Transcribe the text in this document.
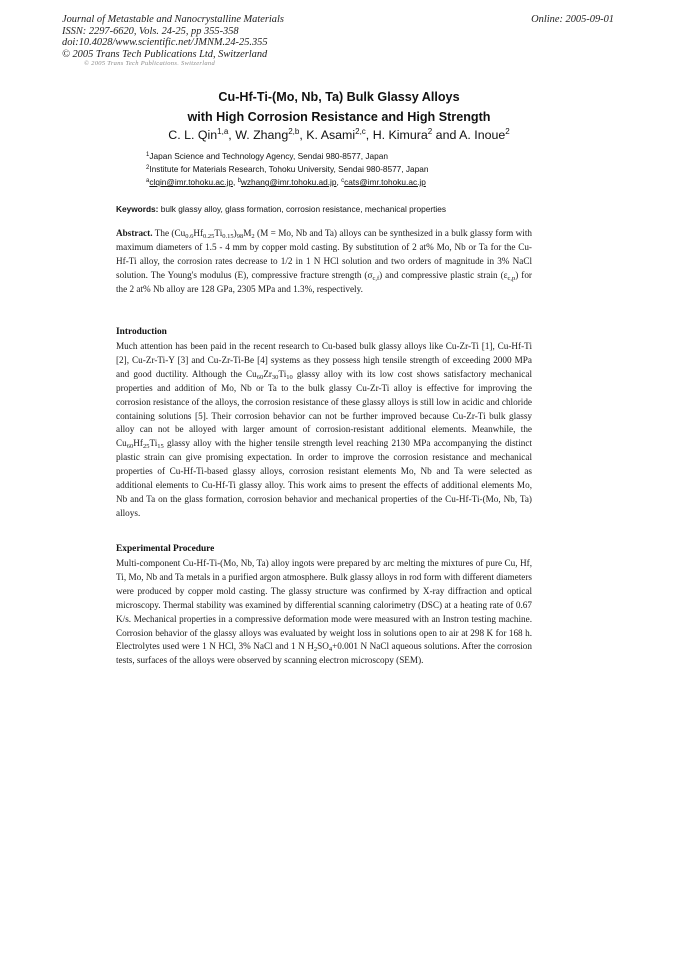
Journal of Metastable and Nanocrystalline Materials
ISSN: 2297-6620, Vols. 24-25, pp 355-358
doi:10.4028/www.scientific.net/JMNM.24-25.355
© 2005 Trans Tech Publications Ltd, Switzerland
© 2005 Trans Tech Publications, Switzerland
Online: 2005-09-01
Cu-Hf-Ti-(Mo, Nb, Ta) Bulk Glassy Alloys
with High Corrosion Resistance and High Strength
C. L. Qin$^{1,a}$, W. Zhang$^{2,b}$, K. Asami$^{2,c}$, H. Kimura$^2$ and A. Inoue$^2$
$^1$Japan Science and Technology Agency, Sendai 980-8577, Japan
$^2$Institute for Materials Research, Tohoku University, Sendai 980-8577, Japan
$^a$clqin@imr.tohoku.ac.jp, $^b$wzhang@imr.tohoku.ad.jp, $^c$cats@imr.tohoku.ac.jp
Keywords: bulk glassy alloy, glass formation, corrosion resistance, mechanical properties

Abstract. The $(Cu_{0.6}Hf_{0.25}Ti_{0.15})_{98}M_2$ (M = Mo, Nb and Ta) alloys can be synthesized in a bulk glassy form with maximum diameters of 1.5 - 4 mm by copper mold casting. By substitution of 2 at% Mo, Nb or Ta for the Cu-Hf-Ti alloy, the corrosion rates decrease to 1/2 in 1 N HCl solution and two orders of magnitude in 3% NaCl solution. The Young's modulus (E), compressive fracture strength $(\sigma_{c,f})$ and compressive plastic strain $(\varepsilon_{c,p})$ for the 2 at% Nb alloy are 128 GPa, 2305 MPa and 1.3%, respectively.

Introduction

Much attention has been paid in the recent research to Cu-based bulk glassy alloys like Cu-Zr-Ti [1], Cu-Hf-Ti [2], Cu-Zr-Ti-Y [3] and Cu-Zr-Ti-Be [4] systems as they possess high tensile strength of exceeding 2000 MPa and good ductility. Although the $Cu_{60}Zr_{30}Ti_{10}$ glassy alloy with its low cost shows satisfactory mechanical properties and addition of Mo, Nb or Ta to the bulk glassy Cu-Zr-Ti alloy is effective for improving the corrosion resistance of the alloys, the corrosion resistance of these glassy alloys is still low in acidic and chloride containing solutions [5]. Their corrosion behavior can not be further improved because Cu-Zr-Ti bulk glassy alloy can not be alloyed with larger amount of corrosion-resistant additional elements. Meanwhile, the $Cu_{60}Hf_{25}Ti_{15}$ glassy alloy with the higher tensile strength level reaching 2130 MPa accompanying the distinct plastic strain can give promising expectation. In order to improve the corrosion resistance and mechanical properties of Cu-Hf-Ti-based glassy alloys, corrosion resistant elements Mo, Nb and Ta were selected as additional elements to Cu-Hf-Ti glassy alloy. This work aims to present the effects of additional elements Mo, Nb and Ta on the glass formation, corrosion behavior and mechanical properties of the Cu-Hf-Ti-(Mo, Nb, Ta) alloys.

Experimental Procedure

Multi-component Cu-Hf-Ti-(Mo, Nb, Ta) alloy ingots were prepared by arc melting the mixtures of pure Cu, Hf, Ti, Mo, Nb and Ta metals in a purified argon atmosphere. Bulk glassy alloys in rod form with different diameters were produced by copper mold casting. The glassy structure was confirmed by X-ray diffraction and optical microscopy. Thermal stability was examined by differential scanning calorimetry (DSC) at a heating rate of 0.67 K/s. Mechanical properties in a compressive deformation mode were measured with an Instron testing machine. Corrosion behavior of the glassy alloys was evaluated by weight loss in solutions open to air at 298 K for 168 h. Electrolytes used were 1 N HCl, 3% NaCl and 1 N $H_2SO_4+0.001$ N NaCl aqueous solutions. After the corrosion tests, surfaces of the alloys were observed by scanning electron microscopy (SEM).
